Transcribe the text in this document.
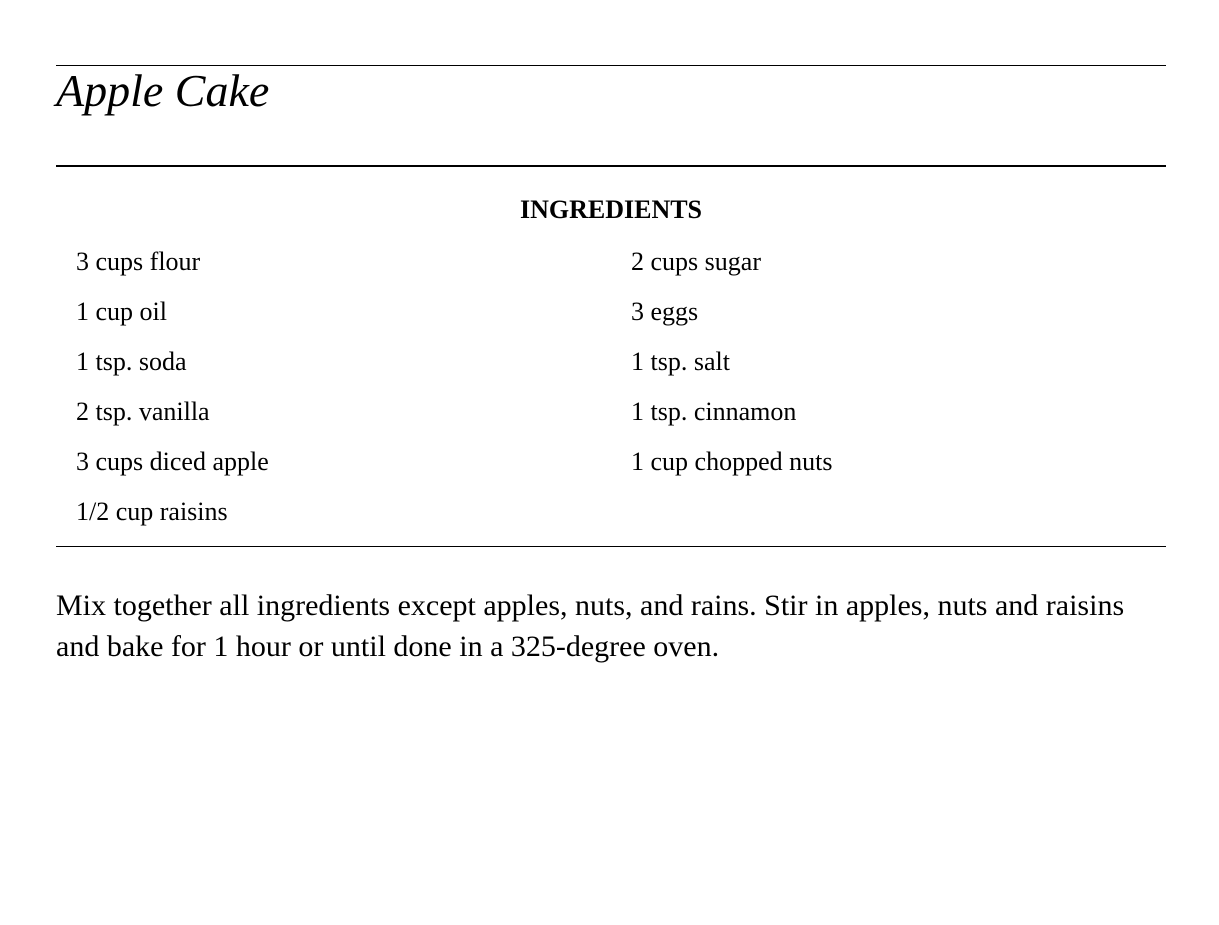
Apple Cake
INGREDIENTS
3 cups flour	2 cups sugar
1 cup oil	3 eggs
1 tsp. soda	1 tsp. salt
2 tsp. vanilla	1 tsp. cinnamon
3 cups diced apple	1 cup chopped nuts
1/2 cup raisins

Mix together all ingredients except apples, nuts, and rains. Stir in apples, nuts and raisins and bake for 1 hour or until done in a 325-degree oven.
